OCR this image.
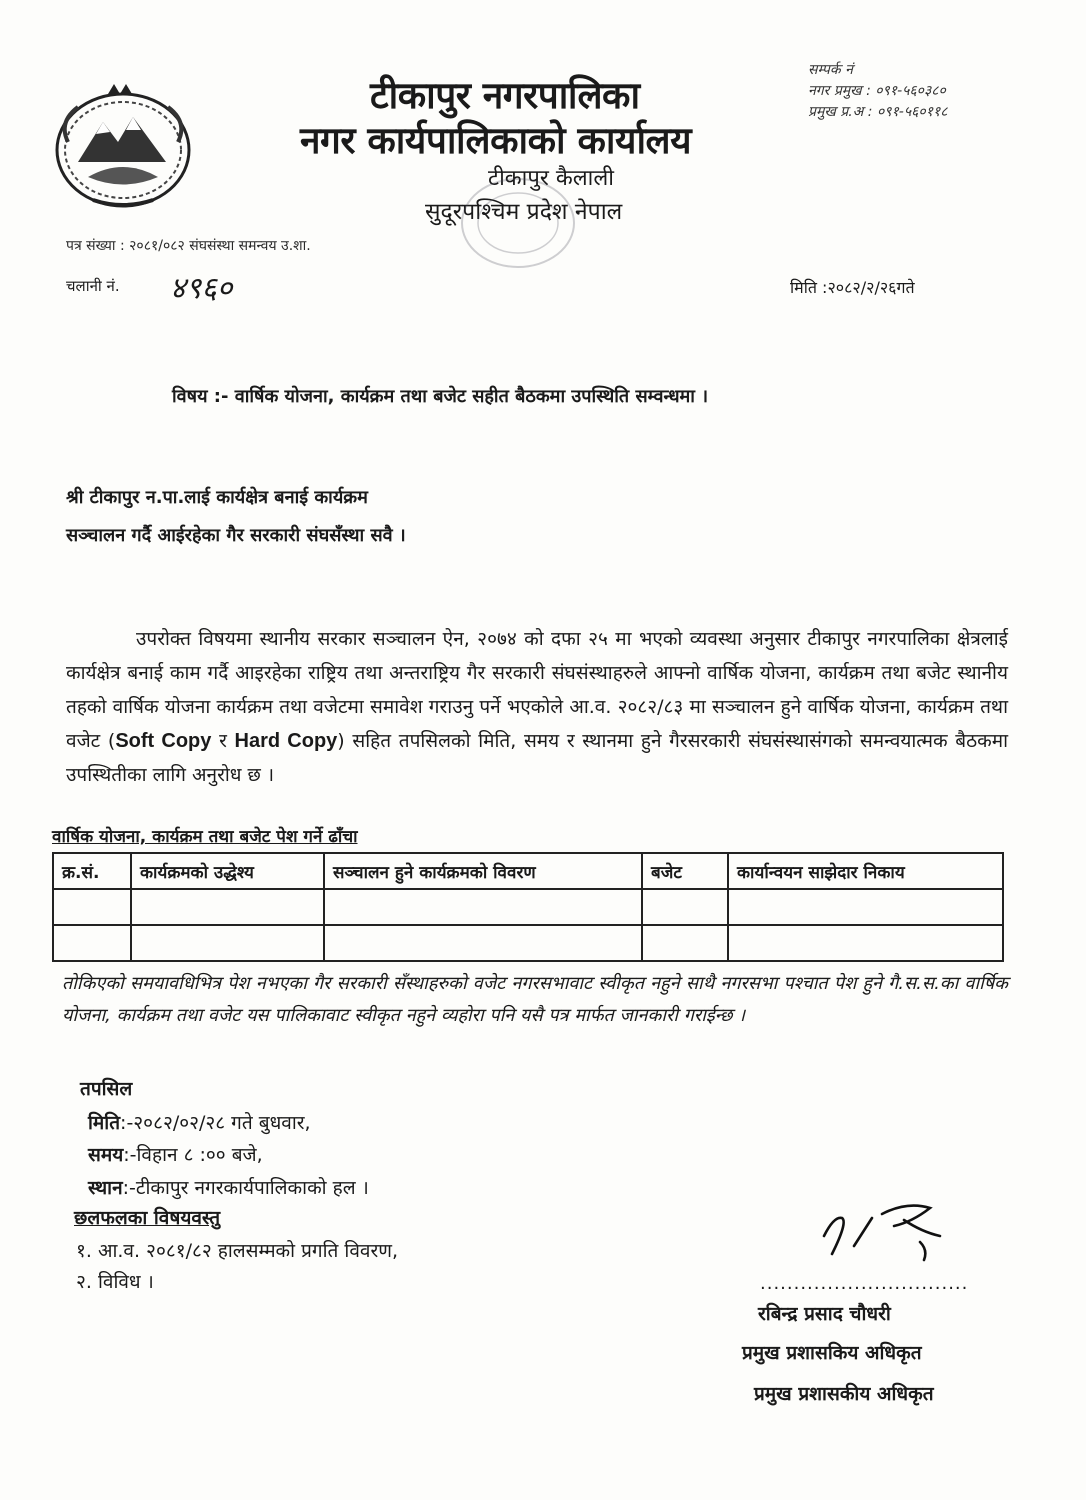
टीकापुर नगरपालिका
नगर कार्यपालिकाको कार्यालय
टीकापुर कैलाली
सुदूरपश्चिम प्रदेश नेपाल
सम्पर्क नं
नगर प्रमुख : ०९१-५६०३८०
प्रमुख प्र.अ : ०९१-५६०११८
पत्र संख्या : २०८१/०८२ संघसंस्था समन्वय उ.शा.
चलानी नं. ४९६०	मिति :२०८२/२/२६गते
विषय :- वार्षिक योजना, कार्यक्रम तथा बजेट सहीत बैठकमा उपस्थिति सम्वन्धमा ।
श्री टीकापुर न.पा.लाई कार्यक्षेत्र बनाई कार्यक्रम
सञ्चालन गर्दै आईरहेका गैर सरकारी संघसँस्था सवै ।
उपरोक्त विषयमा स्थानीय सरकार सञ्चालन ऐन, २०७४ को दफा २५ मा भएको व्यवस्था अनुसार टीकापुर नगरपालिका क्षेत्रलाई कार्यक्षेत्र बनाई काम गर्दै आइरहेका राष्ट्रिय तथा अन्तराष्ट्रिय गैर सरकारी संघसंस्थाहरुले आफ्नो वार्षिक योजना, कार्यक्रम तथा बजेट स्थानीय तहको वार्षिक योजना कार्यक्रम तथा वजेटमा समावेश गराउनु पर्ने भएकोले आ.व. २०८२/८३ मा सञ्चालन हुने वार्षिक योजना, कार्यक्रम तथा वजेट (Soft Copy र Hard Copy) सहित तपसिलको मिति, समय र स्थानमा हुने गैरसरकारी संघसंस्थासंगको समन्वयात्मक बैठकमा उपस्थितीका लागि अनुरोध छ ।
वार्षिक योजना, कार्यक्रम तथा बजेट पेश गर्ने ढाँचा
क्र.सं.	कार्यक्रमको उद्धेश्य	सञ्चालन हुने कार्यक्रमको विवरण	बजेट	कार्यान्वयन साझेदार निकाय

तोकिएको समयावधिभित्र पेश नभएका गैर सरकारी सँस्थाहरुको वजेट नगरसभावाट स्वीकृत नहुने साथै नगरसभा पश्चात पेश हुने गै.स.स.का वार्षिक योजना, कार्यक्रम तथा वजेट यस पालिकावाट स्वीकृत नहुने व्यहोरा पनि यसै पत्र मार्फत जानकारी गराईन्छ ।
तपसिल
मिति:-२०८२/०२/२८ गते बुधवार,
समय:-विहान ८ :०० बजे,
स्थान:-टीकापुर नगरकार्यपालिकाको हल ।
छलफलका विषयवस्तु
१. आ.व. २०८१/८२ हालसम्मको प्रगति विवरण,
२. विविध ।	...............................
रबिन्द्र प्रसाद चौधरी
प्रमुख प्रशासकिय अधिकृत
प्रमुख प्रशासकीय अधिकृत
